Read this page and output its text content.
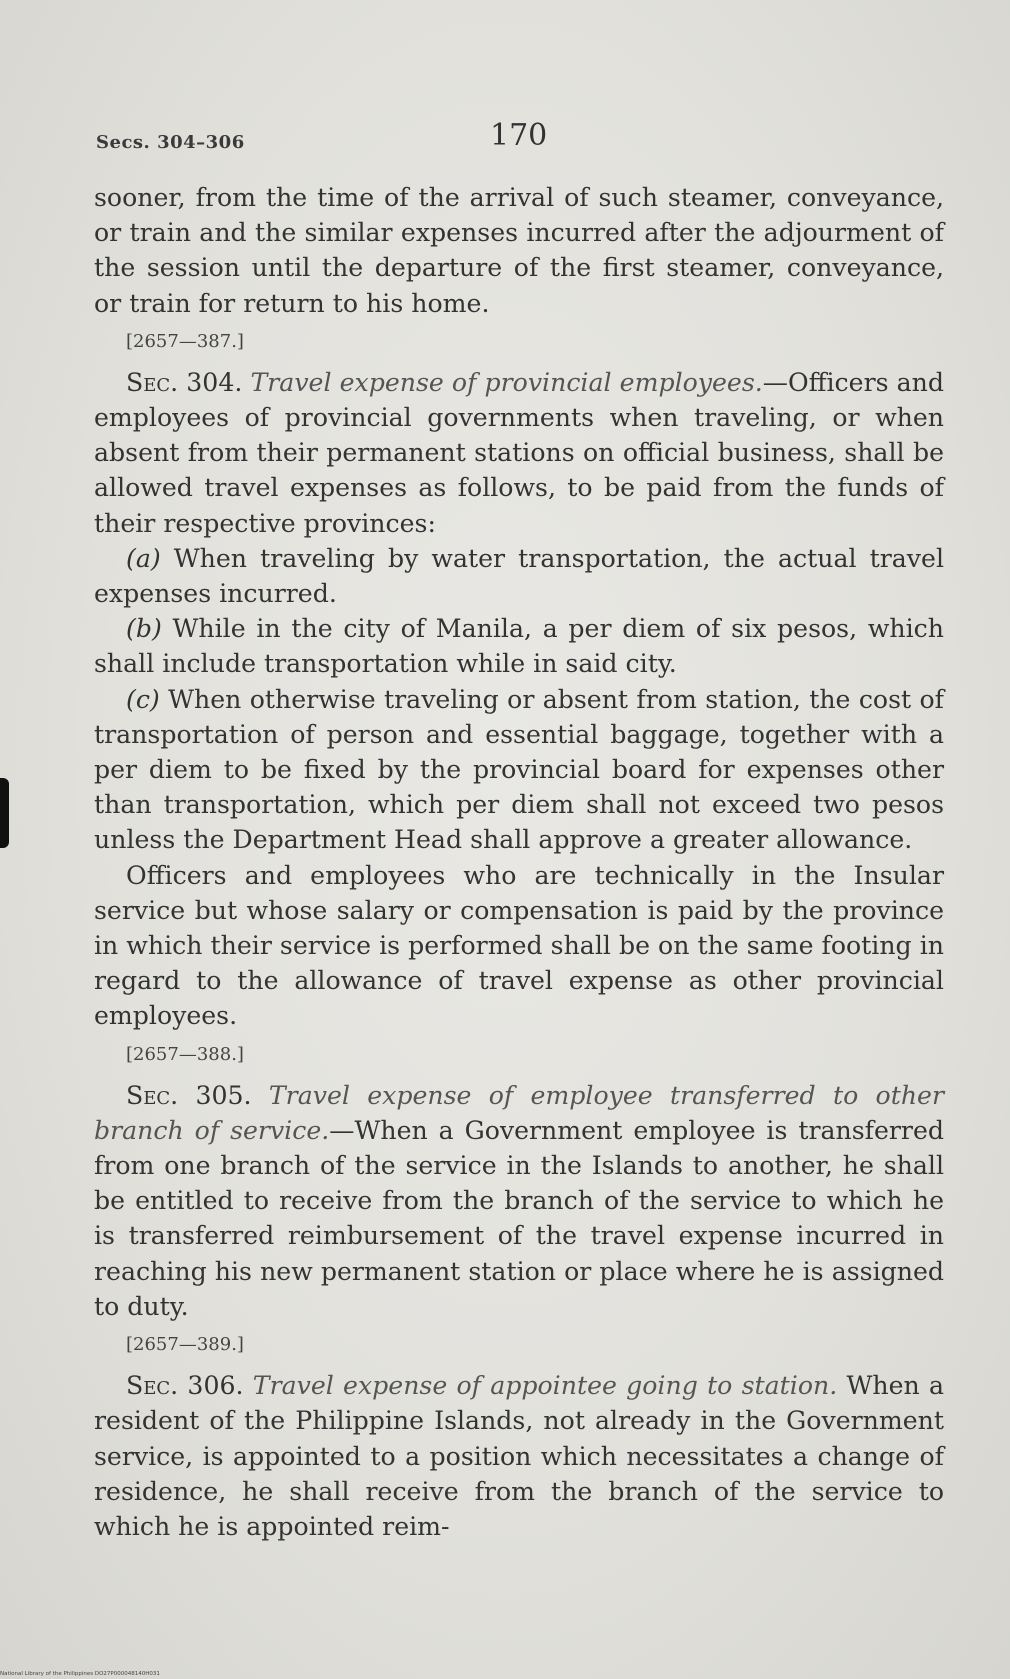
Secs. 304–306	170

sooner, from the time of the arrival of such steamer, conveyance, or train and the similar expenses incurred after the adjourment of the session until the departure of the first steamer, conveyance, or train for return to his home.

[2657—387.]

Sec. 304. Travel expense of provincial employees.—Officers and employees of provincial governments when traveling, or when absent from their permanent stations on official business, shall be allowed travel expenses as follows, to be paid from the funds of their respective provinces:

(a) When traveling by water transportation, the actual travel expenses incurred.

(b) While in the city of Manila, a per diem of six pesos, which shall include transportation while in said city.

(c) When otherwise traveling or absent from station, the cost of transportation of person and essential baggage, together with a per diem to be fixed by the provincial board for expenses other than transportation, which per diem shall not exceed two pesos unless the Department Head shall approve a greater allowance.

Officers and employees who are technically in the Insular service but whose salary or compensation is paid by the province in which their service is performed shall be on the same footing in regard to the allowance of travel expense as other provincial employees.

[2657—388.]

Sec. 305. Travel expense of employee transferred to other branch of service.—When a Government employee is transferred from one branch of the service in the Islands to another, he shall be entitled to receive from the branch of the service to which he is transferred reimbursement of the travel expense incurred in reaching his new permanent station or place where he is assigned to duty.

[2657—389.]

Sec. 306. Travel expense of appointee going to station. When a resident of the Philippine Islands, not already in the Government service, is appointed to a position which necessitates a change of residence, he shall receive from the branch of the service to which he is appointed reim-

National Library of the Philippines DO27P000048140H031
